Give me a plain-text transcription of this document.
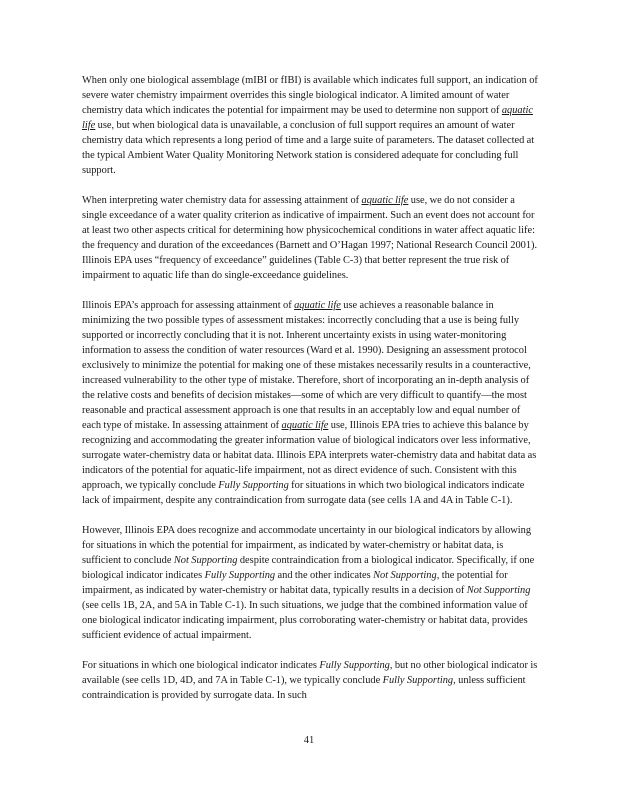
When only one biological assemblage (mIBI or fIBI) is available which indicates full support, an indication of severe water chemistry impairment overrides this single biological indicator. A limited amount of water chemistry data which indicates the potential for impairment may be used to determine non support of aquatic life use, but when biological data is unavailable, a conclusion of full support requires an amount of water chemistry data which represents a long period of time and a large suite of parameters. The dataset collected at the typical Ambient Water Quality Monitoring Network station is considered adequate for concluding full support.

When interpreting water chemistry data for assessing attainment of aquatic life use, we do not consider a single exceedance of a water quality criterion as indicative of impairment. Such an event does not account for at least two other aspects critical for determining how physicochemical conditions in water affect aquatic life: the frequency and duration of the exceedances (Barnett and O’Hagan 1997; National Research Council 2001). Illinois EPA uses “frequency of exceedance” guidelines (Table C-3) that better represent the true risk of impairment to aquatic life than do single-exceedance guidelines.

Illinois EPA’s approach for assessing attainment of aquatic life use achieves a reasonable balance in minimizing the two possible types of assessment mistakes: incorrectly concluding that a use is being fully supported or incorrectly concluding that it is not. Inherent uncertainty exists in using water-monitoring information to assess the condition of water resources (Ward et al. 1990). Designing an assessment protocol exclusively to minimize the potential for making one of these mistakes necessarily results in a counteractive, increased vulnerability to the other type of mistake. Therefore, short of incorporating an in-depth analysis of the relative costs and benefits of decision mistakes—some of which are very difficult to quantify—the most reasonable and practical assessment approach is one that results in an acceptably low and equal number of each type of mistake. In assessing attainment of aquatic life use, Illinois EPA tries to achieve this balance by recognizing and accommodating the greater information value of biological indicators over less informative, surrogate water-chemistry data or habitat data. Illinois EPA interprets water-chemistry data and habitat data as indicators of the potential for aquatic-life impairment, not as direct evidence of such. Consistent with this approach, we typically conclude Fully Supporting for situations in which two biological indicators indicate lack of impairment, despite any contraindication from surrogate data (see cells 1A and 4A in Table C-1).

However, Illinois EPA does recognize and accommodate uncertainty in our biological indicators by allowing for situations in which the potential for impairment, as indicated by water-chemistry or habitat data, is sufficient to conclude Not Supporting despite contraindication from a biological indicator. Specifically, if one biological indicator indicates Fully Supporting and the other indicates Not Supporting, the potential for impairment, as indicated by water-chemistry or habitat data, typically results in a decision of Not Supporting (see cells 1B, 2A, and 5A in Table C-1). In such situations, we judge that the combined information value of one biological indicator indicating impairment, plus corroborating water-chemistry or habitat data, provides sufficient evidence of actual impairment.

For situations in which one biological indicator indicates Fully Supporting, but no other biological indicator is available (see cells 1D, 4D, and 7A in Table C-1), we typically conclude Fully Supporting, unless sufficient contraindication is provided by surrogate data. In such

41
